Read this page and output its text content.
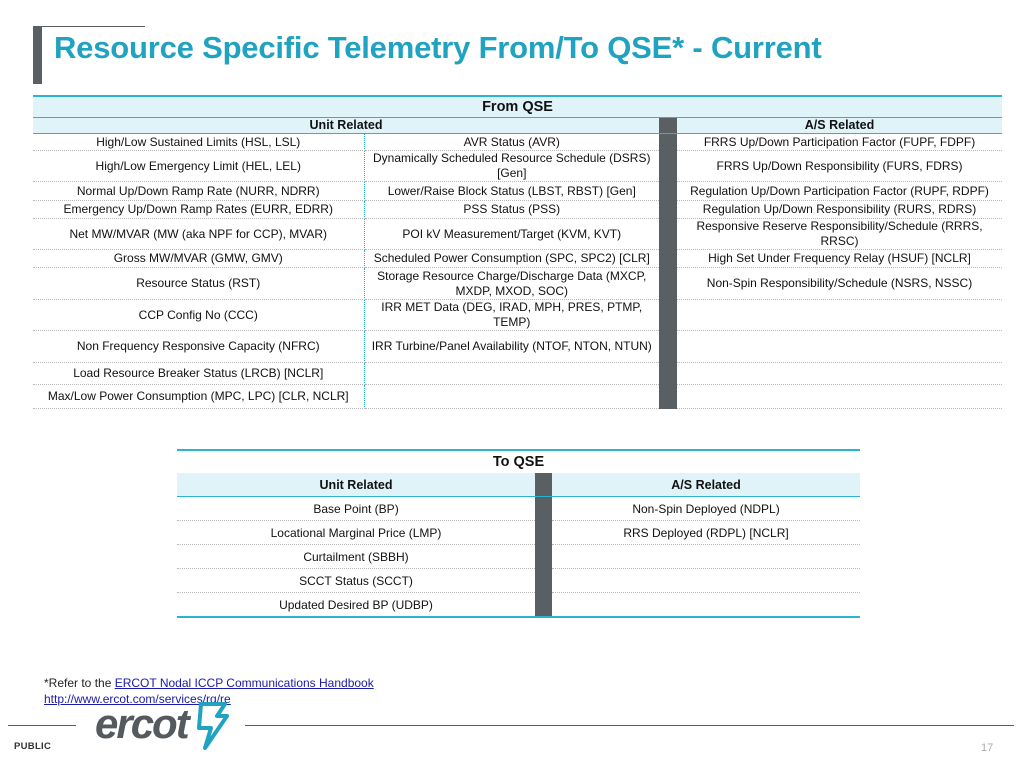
Resource Specific Telemetry From/To QSE* - Current
From QSE			
Unit Related			A/S Related
High/Low Sustained Limits (HSL, LSL)	AVR Status (AVR)		FRRS Up/Down Participation Factor (FUPF, FDPF)
High/Low Emergency Limit (HEL, LEL)	Dynamically Scheduled Resource Schedule (DSRS)[Gen]		FRRS Up/Down Responsibility (FURS, FDRS)
Normal Up/Down Ramp Rate (NURR, NDRR)	Lower/Raise Block Status (LBST, RBST) [Gen]		Regulation Up/Down Participation Factor (RUPF, RDPF)
Emergency Up/Down Ramp Rates (EURR, EDRR)	PSS Status (PSS)		Regulation Up/Down Responsibility (RURS, RDRS)
Net MW/MVAR (MW (aka NPF for CCP), MVAR)	POI kV Measurement/Target (KVM, KVT)		Responsive Reserve Responsibility/Schedule (RRRS, RRSC)
Gross MW/MVAR (GMW, GMV)	Scheduled Power Consumption (SPC, SPC2) [CLR]		High Set Under Frequency Relay (HSUF) [NCLR]
Resource Status (RST)	Storage Resource Charge/Discharge Data (MXCP, MXDP, MXOD, SOC)		Non-Spin Responsibility/Schedule (NSRS, NSSC)
CCP Config No (CCC)	IRR MET Data (DEG, IRAD, MPH, PRES, PTMP, TEMP)		
Non Frequency Responsive Capacity (NFRC)	IRR Turbine/Panel Availability (NTOF, NTON, NTUN)		
Load Resource Breaker Status (LRCB) [NCLR]			
Max/Low Power Consumption (MPC, LPC) [CLR, NCLR]			
To QSE		
Unit Related		A/S Related
Base Point (BP)		Non-Spin Deployed (NDPL)
Locational Marginal Price (LMP)		RRS Deployed (RDPL) [NCLR]
Curtailment (SBBH)		
SCCT Status (SCCT)		
Updated Desired BP (UDBP)		
*Refer to the ERCOT Nodal ICCP Communications Handbook
http://www.ercot.com/services/rq/re
ercot
PUBLIC	17
